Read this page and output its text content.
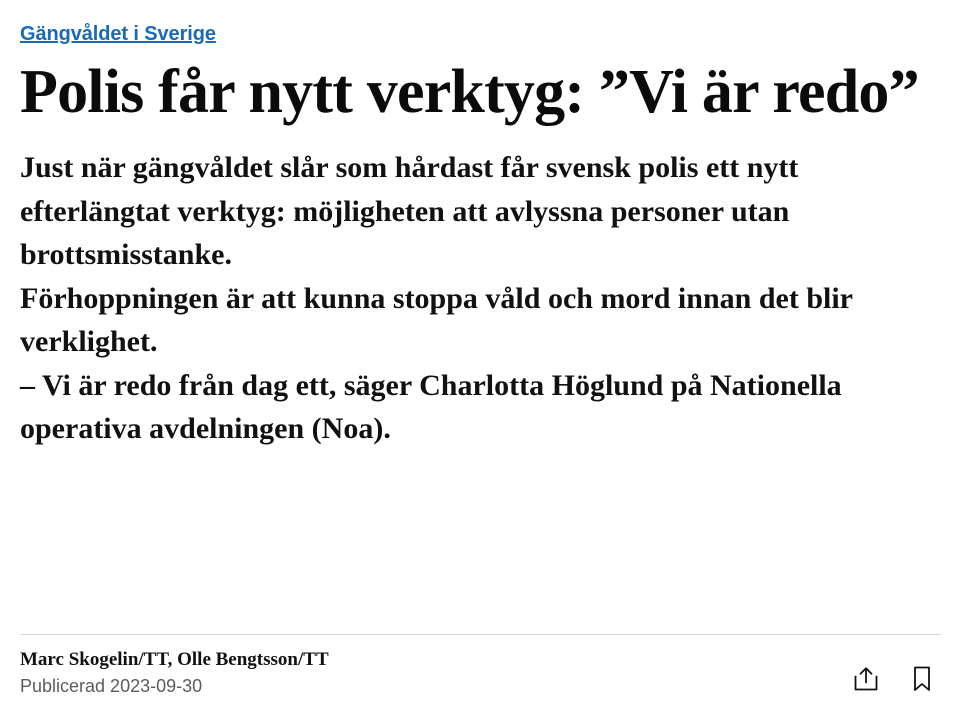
Gängvåldet i Sverige
Polis får nytt verktyg: ”Vi är redo”

Just när gängvåldet slår som hårdast får svensk polis ett nytt efterlängtat verktyg: möjligheten att avlyssna personer utan brottsmisstanke.

Förhoppningen är att kunna stoppa våld och mord innan det blir verklighet.

– Vi är redo från dag ett, säger Charlotta Höglund på Nationella operativa avdelningen (Noa).

Marc Skogelin/TT, Olle Bengtsson/TT
Publicerad 2023-09-30
